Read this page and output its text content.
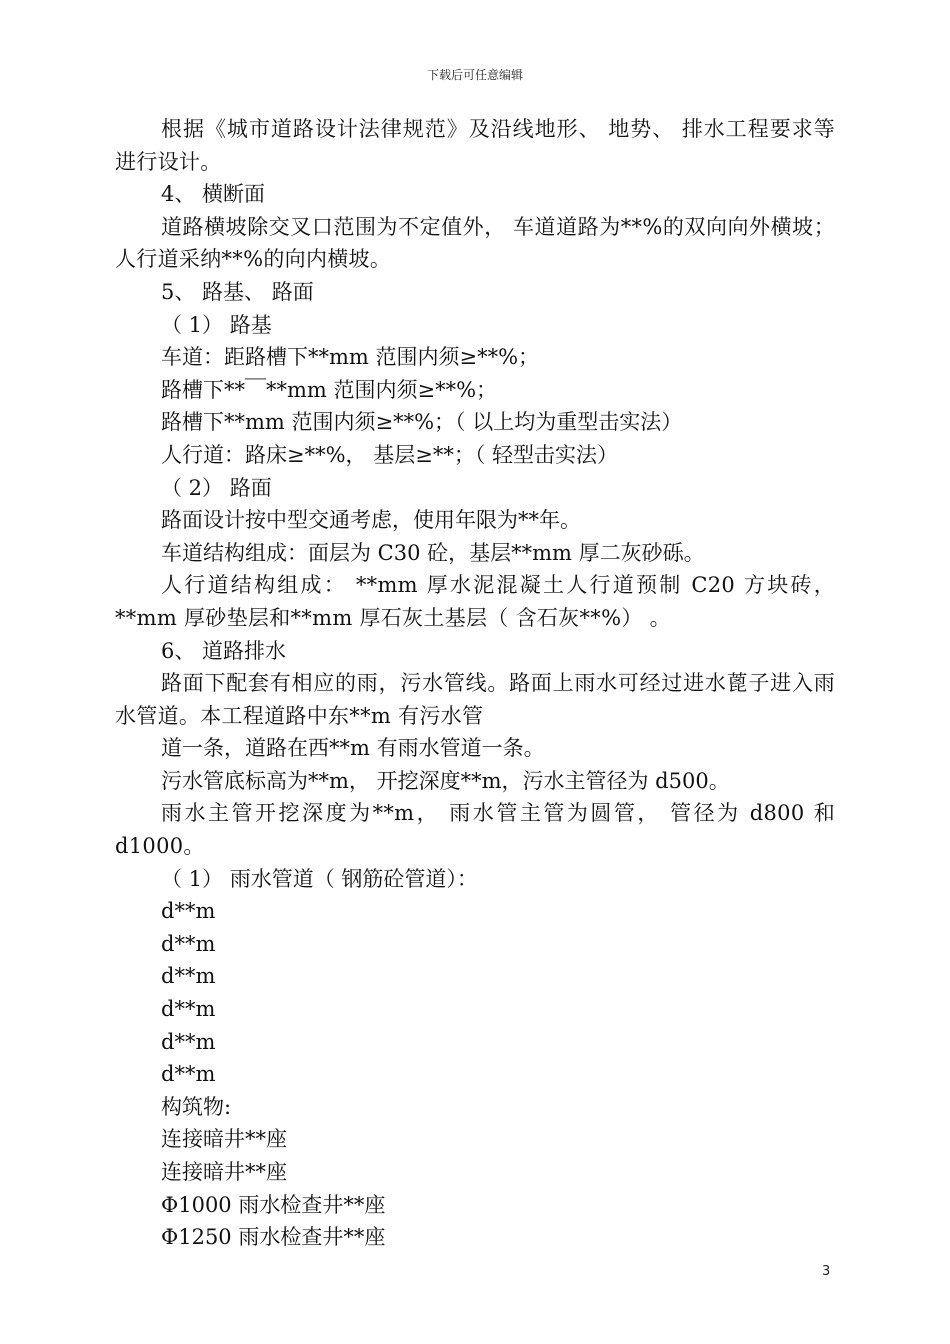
下载后可任意编辑
根据《城市道路设计法律规范》及沿线地形、 地势、 排水工程要求等进行设计。
4、 横断面
道路横坡除交叉口范围为不定值外， 车道道路为**%的双向向外横坡；人行道采纳**%的向内横坡。
5、 路基、 路面
（ 1） 路基
车道：距路槽下**mm 范围内须≥**%；
路槽下**￣**mm 范围内须≥**%；
路槽下**mm 范围内须≥**%；（ 以上均为重型击实法）
人行道：路床≥**%， 基层≥**；（ 轻型击实法）
（ 2） 路面
路面设计按中型交通考虑，使用年限为**年。
车道结构组成：面层为 C30 砼，基层**mm 厚二灰砂砾。
人行道结构组成： **mm 厚水泥混凝土人行道预制 C20 方块砖，**mm 厚砂垫层和**mm 厚石灰土基层（ 含石灰**%） 。
6、 道路排水
路面下配套有相应的雨，污水管线。路面上雨水可经过进水蓖子进入雨水管道。本工程道路中东**m 有污水管
道一条，道路在西**m 有雨水管道一条。
污水管底标高为**m， 开挖深度**m，污水主管径为 d500。
雨水主管开挖深度为**m， 雨水管主管为圆管， 管径为 d800 和d1000。
（ 1） 雨水管道（ 钢筋砼管道）：
d**m
d**m
d**m
d**m
d**m
d**m
构筑物:
连接暗井**座
连接暗井**座
Φ1000 雨水检查井**座
Φ1250 雨水检查井**座
3
